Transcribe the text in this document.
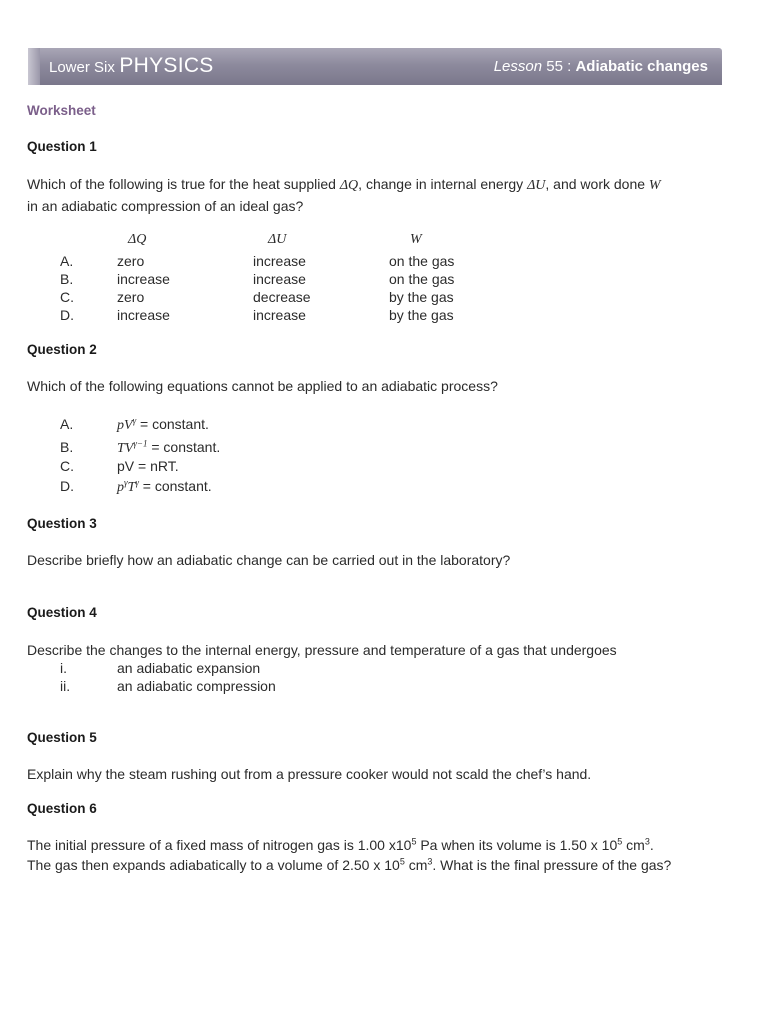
Lower Six PHYSICS	Lesson 55 : Adiabatic changes
Worksheet
Question 1
Which of the following is true for the heat supplied ΔQ, change in internal energy ΔU, and work done W
in an adiabatic compression of an ideal gas?
ΔQ	ΔU	W
A.	zero	increase	on the gas
B.	increase	increase	on the gas
C.	zero	decrease	by the gas
D.	increase	increase	by the gas
Question 2
Which of the following equations cannot be applied to an adiabatic process?
A.	$pV^\gamma$ = constant.
B.	$TV^{\gamma-1}$ = constant.
C.	pV = nRT.
D.	$p^\gamma T^\gamma$ = constant.
Question 3
Describe briefly how an adiabatic change can be carried out in the laboratory?
Question 4
Describe the changes to the internal energy, pressure and temperature of a gas that undergoes
i.	an adiabatic expansion
ii.	an adiabatic compression
Question 5
Explain why the steam rushing out from a pressure cooker would not scald the chef’s hand.
Question 6
The initial pressure of a fixed mass of nitrogen gas is 1.00 $x10^5$ Pa when its volume is 1.50 x $10^5$ $cm^3$.
The gas then expands adiabatically to a volume of 2.50 x $10^5$ $cm^3$. What is the final pressure of the gas?
